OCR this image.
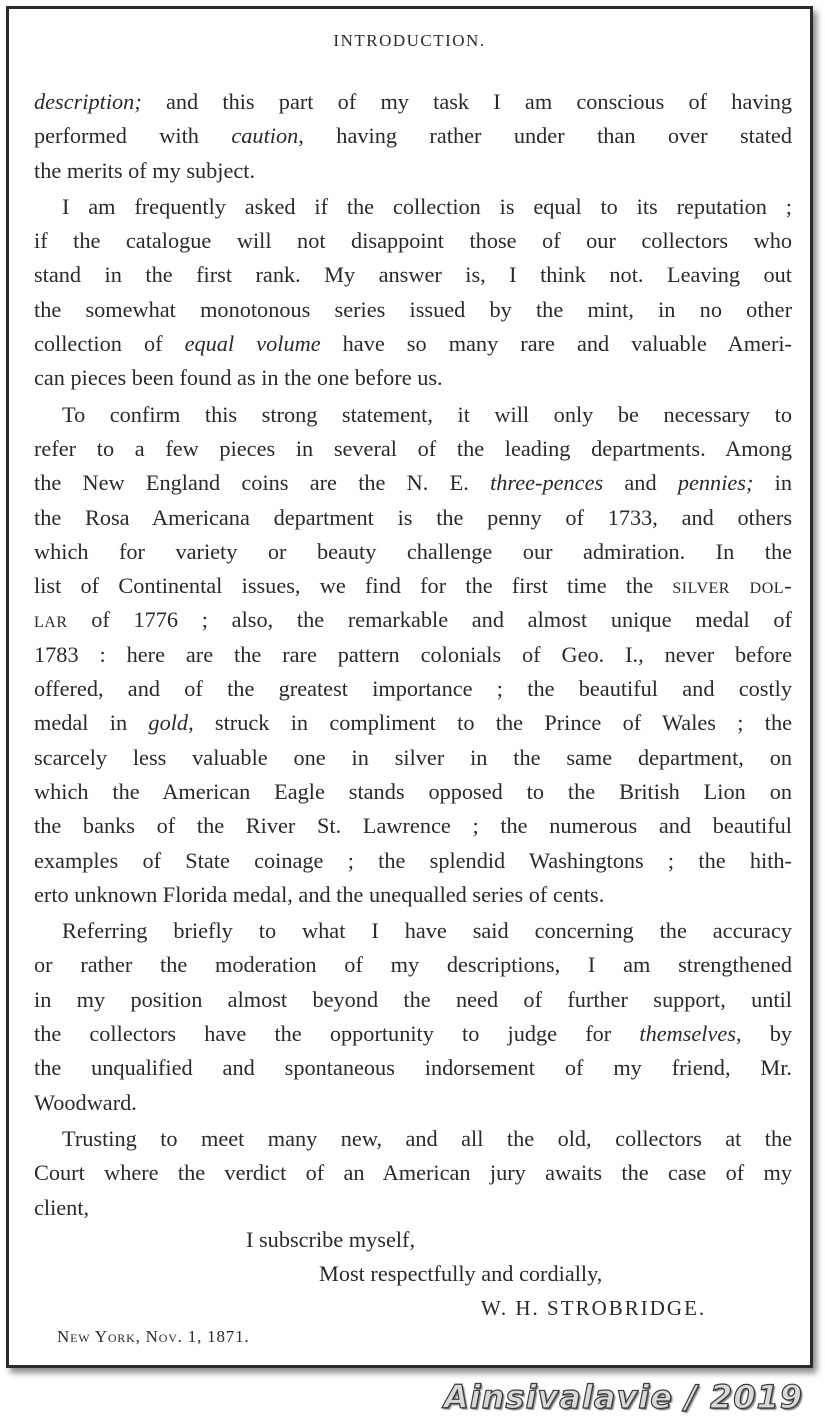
INTRODUCTION.

description; and this part of my task I am conscious of having

performed with caution, having rather under than over stated

the merits of my subject.

I am frequently asked if the collection is equal to its reputation ;

if the catalogue will not disappoint those of our collectors who

stand in the first rank. My answer is, I think not. Leaving out

the somewhat monotonous series issued by the mint, in no other

collection of equal volume have so many rare and valuable Ameri-

can pieces been found as in the one before us.

To confirm this strong statement, it will only be necessary to

refer to a few pieces in several of the leading departments. Among

the New England coins are the N. E. three-pences and pennies; in

the Rosa Americana department is the penny of 1733, and others

which for variety or beauty challenge our admiration. In the

list of Continental issues, we find for the first time the silver dol-

lar of 1776 ; also, the remarkable and almost unique medal of

1783 : here are the rare pattern colonials of Geo. I., never before

offered, and of the greatest importance ; the beautiful and costly

medal in gold, struck in compliment to the Prince of Wales ; the

scarcely less valuable one in silver in the same department, on

which the American Eagle stands opposed to the British Lion on

the banks of the River St. Lawrence ; the numerous and beautiful

examples of State coinage ; the splendid Washingtons ; the hith-

erto unknown Florida medal, and the unequalled series of cents.

Referring briefly to what I have said concerning the accuracy

or rather the moderation of my descriptions, I am strengthened

in my position almost beyond the need of further support, until

the collectors have the opportunity to judge for themselves, by

the unqualified and spontaneous indorsement of my friend, Mr.

Woodward.

Trusting to meet many new, and all the old, collectors at the

Court where the verdict of an American jury awaits the case of my

client,

I subscribe myself,
Most respectfully and cordially,
W. H. STROBRIDGE.
New York, Nov. 1, 1871.
Ainsivalavie / 2019
